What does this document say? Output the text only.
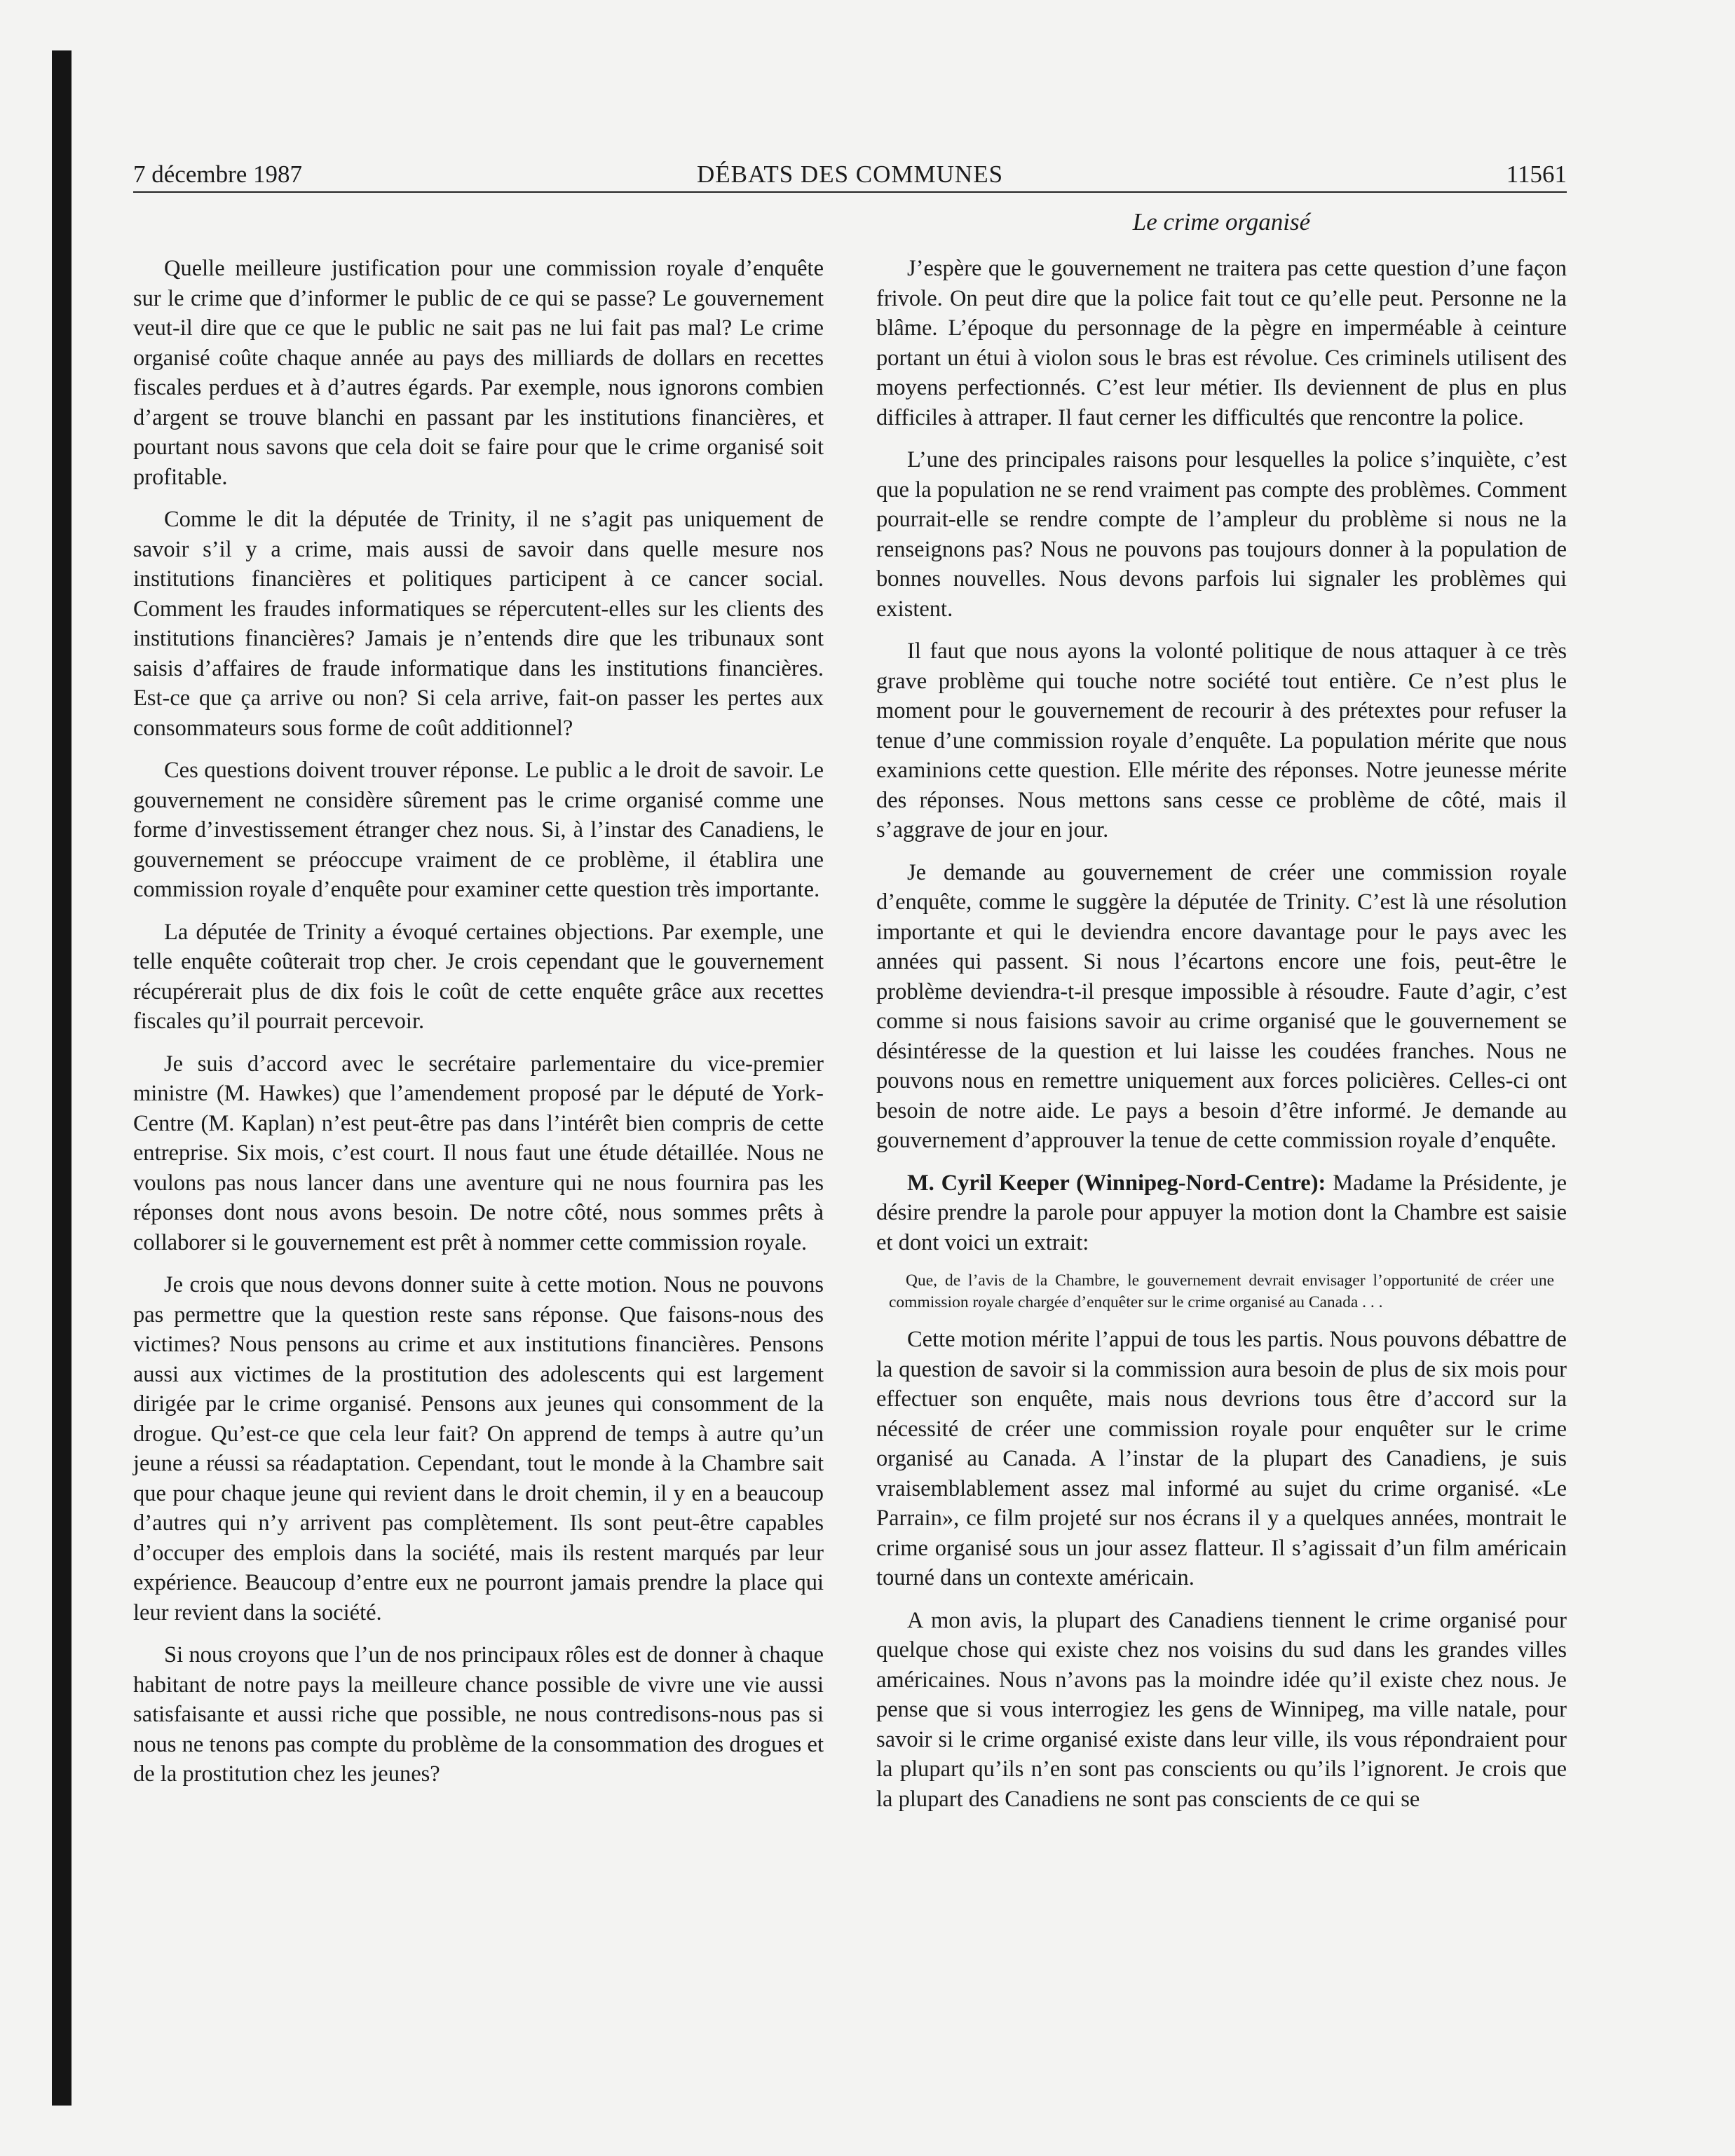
7 décembre 1987	DÉBATS DES COMMUNES	11561
Le crime organisé

Quelle meilleure justification pour une commission royale d’enquête sur le crime que d’informer le public de ce qui se passe? Le gouvernement veut-il dire que ce que le public ne sait pas ne lui fait pas mal? Le crime organisé coûte chaque année au pays des milliards de dollars en recettes fiscales perdues et à d’autres égards. Par exemple, nous ignorons combien d’argent se trouve blanchi en passant par les institutions financières, et pourtant nous savons que cela doit se faire pour que le crime organisé soit profitable.

Comme le dit la députée de Trinity, il ne s’agit pas uniquement de savoir s’il y a crime, mais aussi de savoir dans quelle mesure nos institutions financières et politiques participent à ce cancer social. Comment les fraudes informatiques se répercutent-elles sur les clients des institutions financières? Jamais je n’entends dire que les tribunaux sont saisis d’affaires de fraude informatique dans les institutions financières. Est-ce que ça arrive ou non? Si cela arrive, fait-on passer les pertes aux consommateurs sous forme de coût additionnel?

Ces questions doivent trouver réponse. Le public a le droit de savoir. Le gouvernement ne considère sûrement pas le crime organisé comme une forme d’investissement étranger chez nous. Si, à l’instar des Canadiens, le gouvernement se préoccupe vraiment de ce problème, il établira une commission royale d’enquête pour examiner cette question très importante.

La députée de Trinity a évoqué certaines objections. Par exemple, une telle enquête coûterait trop cher. Je crois cependant que le gouvernement récupérerait plus de dix fois le coût de cette enquête grâce aux recettes fiscales qu’il pourrait percevoir.

Je suis d’accord avec le secrétaire parlementaire du vice-premier ministre (M. Hawkes) que l’amendement proposé par le député de York-Centre (M. Kaplan) n’est peut-être pas dans l’intérêt bien compris de cette entreprise. Six mois, c’est court. Il nous faut une étude détaillée. Nous ne voulons pas nous lancer dans une aventure qui ne nous fournira pas les réponses dont nous avons besoin. De notre côté, nous sommes prêts à collaborer si le gouvernement est prêt à nommer cette commission royale.

Je crois que nous devons donner suite à cette motion. Nous ne pouvons pas permettre que la question reste sans réponse. Que faisons-nous des victimes? Nous pensons au crime et aux institutions financières. Pensons aussi aux victimes de la prostitution des adolescents qui est largement dirigée par le crime organisé. Pensons aux jeunes qui consomment de la drogue. Qu’est-ce que cela leur fait? On apprend de temps à autre qu’un jeune a réussi sa réadaptation. Cependant, tout le monde à la Chambre sait que pour chaque jeune qui revient dans le droit chemin, il y en a beaucoup d’autres qui n’y arrivent pas complètement. Ils sont peut-être capables d’occuper des emplois dans la société, mais ils restent marqués par leur expérience. Beaucoup d’entre eux ne pourront jamais prendre la place qui leur revient dans la société.

Si nous croyons que l’un de nos principaux rôles est de donner à chaque habitant de notre pays la meilleure chance possible de vivre une vie aussi satisfaisante et aussi riche que possible, ne nous contredisons-nous pas si nous ne tenons pas compte du problème de la consommation des drogues et de la prostitution chez les jeunes?

J’espère que le gouvernement ne traitera pas cette question d’une façon frivole. On peut dire que la police fait tout ce qu’elle peut. Personne ne la blâme. L’époque du personnage de la pègre en imperméable à ceinture portant un étui à violon sous le bras est révolue. Ces criminels utilisent des moyens perfectionnés. C’est leur métier. Ils deviennent de plus en plus difficiles à attraper. Il faut cerner les difficultés que rencontre la police.

L’une des principales raisons pour lesquelles la police s’inquiète, c’est que la population ne se rend vraiment pas compte des problèmes. Comment pourrait-elle se rendre compte de l’ampleur du problème si nous ne la renseignons pas? Nous ne pouvons pas toujours donner à la population de bonnes nouvelles. Nous devons parfois lui signaler les problèmes qui existent.

Il faut que nous ayons la volonté politique de nous attaquer à ce très grave problème qui touche notre société tout entière. Ce n’est plus le moment pour le gouvernement de recourir à des prétextes pour refuser la tenue d’une commission royale d’enquête. La population mérite que nous examinions cette question. Elle mérite des réponses. Notre jeunesse mérite des réponses. Nous mettons sans cesse ce problème de côté, mais il s’aggrave de jour en jour.

Je demande au gouvernement de créer une commission royale d’enquête, comme le suggère la députée de Trinity. C’est là une résolution importante et qui le deviendra encore davantage pour le pays avec les années qui passent. Si nous l’écartons encore une fois, peut-être le problème deviendra-t-il presque impossible à résoudre. Faute d’agir, c’est comme si nous faisions savoir au crime organisé que le gouvernement se désintéresse de la question et lui laisse les coudées franches. Nous ne pouvons nous en remettre uniquement aux forces policières. Celles-ci ont besoin de notre aide. Le pays a besoin d’être informé. Je demande au gouvernement d’approuver la tenue de cette commission royale d’enquête.

M. Cyril Keeper (Winnipeg-Nord-Centre): Madame la Présidente, je désire prendre la parole pour appuyer la motion dont la Chambre est saisie et dont voici un extrait:

Que, de l’avis de la Chambre, le gouvernement devrait envisager l’opportunité de créer une commission royale chargée d’enquêter sur le crime organisé au Canada . . .

Cette motion mérite l’appui de tous les partis. Nous pouvons débattre de la question de savoir si la commission aura besoin de plus de six mois pour effectuer son enquête, mais nous devrions tous être d’accord sur la nécessité de créer une commission royale pour enquêter sur le crime organisé au Canada. A l’instar de la plupart des Canadiens, je suis vraisemblablement assez mal informé au sujet du crime organisé. «Le Parrain», ce film projeté sur nos écrans il y a quelques années, montrait le crime organisé sous un jour assez flatteur. Il s’agissait d’un film américain tourné dans un contexte américain.

A mon avis, la plupart des Canadiens tiennent le crime organisé pour quelque chose qui existe chez nos voisins du sud dans les grandes villes américaines. Nous n’avons pas la moindre idée qu’il existe chez nous. Je pense que si vous interrogiez les gens de Winnipeg, ma ville natale, pour savoir si le crime organisé existe dans leur ville, ils vous répondraient pour la plupart qu’ils n’en sont pas conscients ou qu’ils l’ignorent. Je crois que la plupart des Canadiens ne sont pas conscients de ce qui se
